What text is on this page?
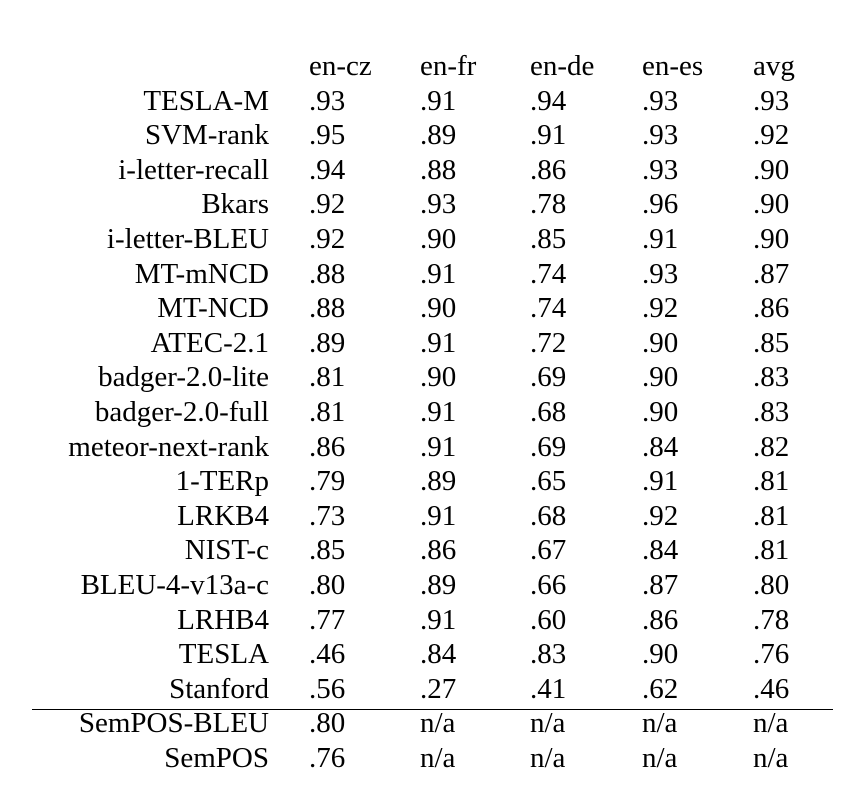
		en-cz	en-fr	en-de	en-es	avg
TESLA-M		.93	.91	.94	.93	.93
SVM-rank		.95	.89	.91	.93	.92
i-letter-recall		.94	.88	.86	.93	.90
Bkars		.92	.93	.78	.96	.90
i-letter-BLEU		.92	.90	.85	.91	.90
MT-mNCD		.88	.91	.74	.93	.87
MT-NCD		.88	.90	.74	.92	.86
ATEC-2.1		.89	.91	.72	.90	.85
badger-2.0-lite		.81	.90	.69	.90	.83
badger-2.0-full		.81	.91	.68	.90	.83
meteor-next-rank		.86	.91	.69	.84	.82
1-TERp		.79	.89	.65	.91	.81
LRKB4		.73	.91	.68	.92	.81
NIST-c		.85	.86	.67	.84	.81
BLEU-4-v13a-c		.80	.89	.66	.87	.80
LRHB4		.77	.91	.60	.86	.78
TESLA		.46	.84	.83	.90	.76
Stanford		.56	.27	.41	.62	.46
SemPOS-BLEU		.80	n/a	n/a	n/a	n/a
SemPOS		.76	n/a	n/a	n/a	n/a
